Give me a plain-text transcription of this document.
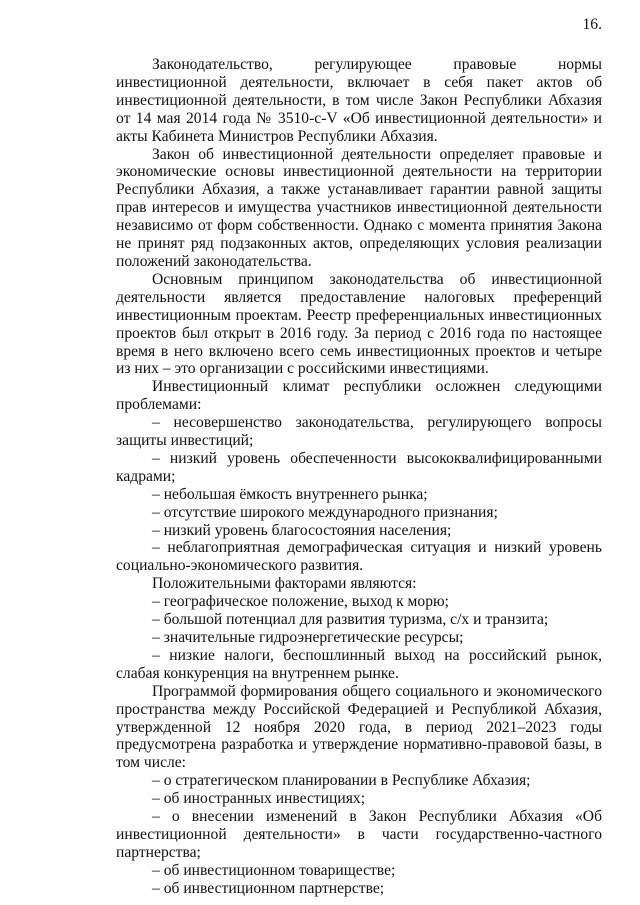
16.

Законодательство, регулирующее правовые нормы инвестиционной деятельности, включает в себя пакет актов об инвестиционной деятельности, в том числе Закон Республики Абхазия от 14 мая 2014 года № 3510-с-V «Об инвестиционной деятельности» и акты Кабинета Министров Республики Абхазия.

Закон об инвестиционной деятельности определяет правовые и экономические основы инвестиционной деятельности на территории Республики Абхазия, а также устанавливает гарантии равной защиты прав интересов и имущества участников инвестиционной деятельности независимо от форм собственности. Однако с момента принятия Закона не принят ряд подзаконных актов, определяющих условия реализации положений законодательства.

Основным принципом законодательства об инвестиционной деятельности является предоставление налоговых преференций инвестиционным проектам. Реестр преференциальных инвестиционных проектов был открыт в 2016 году. За период с 2016 года по настоящее время в него включено всего семь инвестиционных проектов и четыре из них – это организации с российскими инвестициями.

Инвестиционный климат республики осложнен следующими проблемами:

– несовершенство законодательства, регулирующего вопросы защиты инвестиций;

– низкий уровень обеспеченности высококвалифицированными кадрами;

– небольшая ёмкость внутреннего рынка;

– отсутствие широкого международного признания;

– низкий уровень благосостояния населения;

– неблагоприятная демографическая ситуация и низкий уровень социально-экономического развития.

Положительными факторами являются:

– географическое положение, выход к морю;

– большой потенциал для развития туризма, с/х и транзита;

– значительные гидроэнергетические ресурсы;

– низкие налоги, беспошлинный выход на российский рынок, слабая конкуренция на внутреннем рынке.

Программой формирования общего социального и экономического пространства между Российской Федерацией и Республикой Абхазия, утвержденной 12 ноября 2020 года, в период 2021–2023 годы предусмотрена разработка и утверждение нормативно-правовой базы, в том числе:

– о стратегическом планировании в Республике Абхазия;

– об иностранных инвестициях;

– о внесении изменений в Закон Республики Абхазия «Об инвестиционной деятельности» в части государственно-частного партнерства;

– об инвестиционном товариществе;

– об инвестиционном партнерстве;
